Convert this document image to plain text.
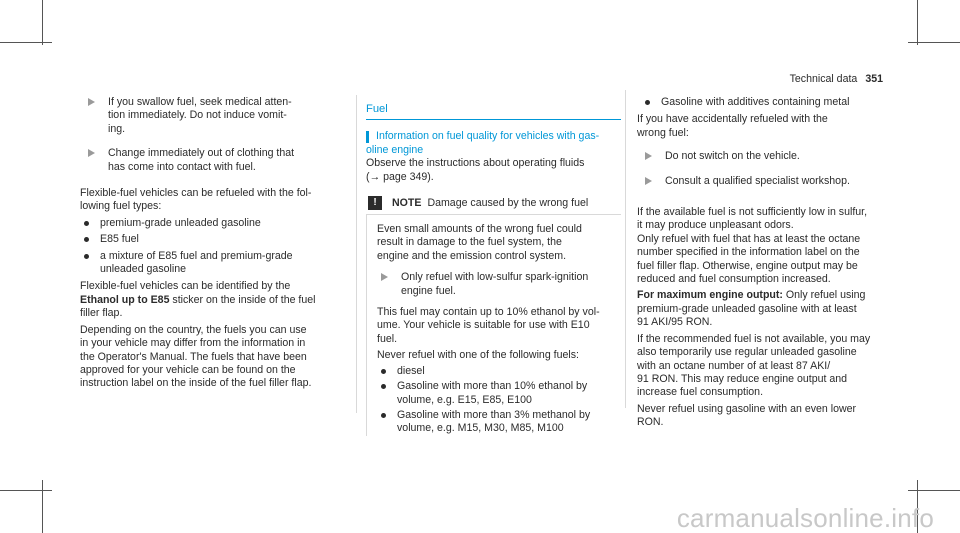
Technical data 351
If you swallow fuel, seek medical atten-
tion immediately. Do not induce vomit-
ing.
Change immediately out of clothing that
has come into contact with fuel.
Flexible-fuel vehicles can be refueled with the fol-
lowing fuel types:
premium-grade unleaded gasoline
E85 fuel
a mixture of E85 fuel and premium-grade
unleaded gasoline
Flexible-fuel vehicles can be identified by the
Ethanol up to E85 sticker on the inside of the fuel
filler flap.
Depending on the country, the fuels you can use
in your vehicle may differ from the information in
the Operator's Manual. The fuels that have been
approved for your vehicle can be found on the
instruction label on the inside of the fuel filler flap.
Fuel
Information on fuel quality for vehicles with gas-
oline engine
Observe the instructions about operating fluids
(→ page 349).
!	NOTE Damage caused by the wrong fuel
Even small amounts of the wrong fuel could
result in damage to the fuel system, the
engine and the emission control system.
Only refuel with low-sulfur spark-ignition
engine fuel.
This fuel may contain up to 10% ethanol by vol-
ume. Your vehicle is suitable for use with E10
fuel.
Never refuel with one of the following fuels:
diesel
Gasoline with more than 10% ethanol by
volume, e.g. E15, E85, E100
Gasoline with more than 3% methanol by
volume, e.g. M15, M30, M85, M100
Gasoline with additives containing metal
If you have accidentally refueled with the
wrong fuel:
Do not switch on the vehicle.
Consult a qualified specialist workshop.
If the available fuel is not sufficiently low in sulfur,
it may produce unpleasant odors.
Only refuel with fuel that has at least the octane
number specified in the information label on the
fuel filler flap. Otherwise, engine output may be
reduced and fuel consumption increased.
For maximum engine output: Only refuel using
premium-grade unleaded gasoline with at least
91 AKI/95 RON.
If the recommended fuel is not available, you may
also temporarily use regular unleaded gasoline
with an octane number of at least 87 AKI/
91 RON. This may reduce engine output and
increase fuel consumption.
Never refuel using gasoline with an even lower
RON.
carmanualsonline.info
